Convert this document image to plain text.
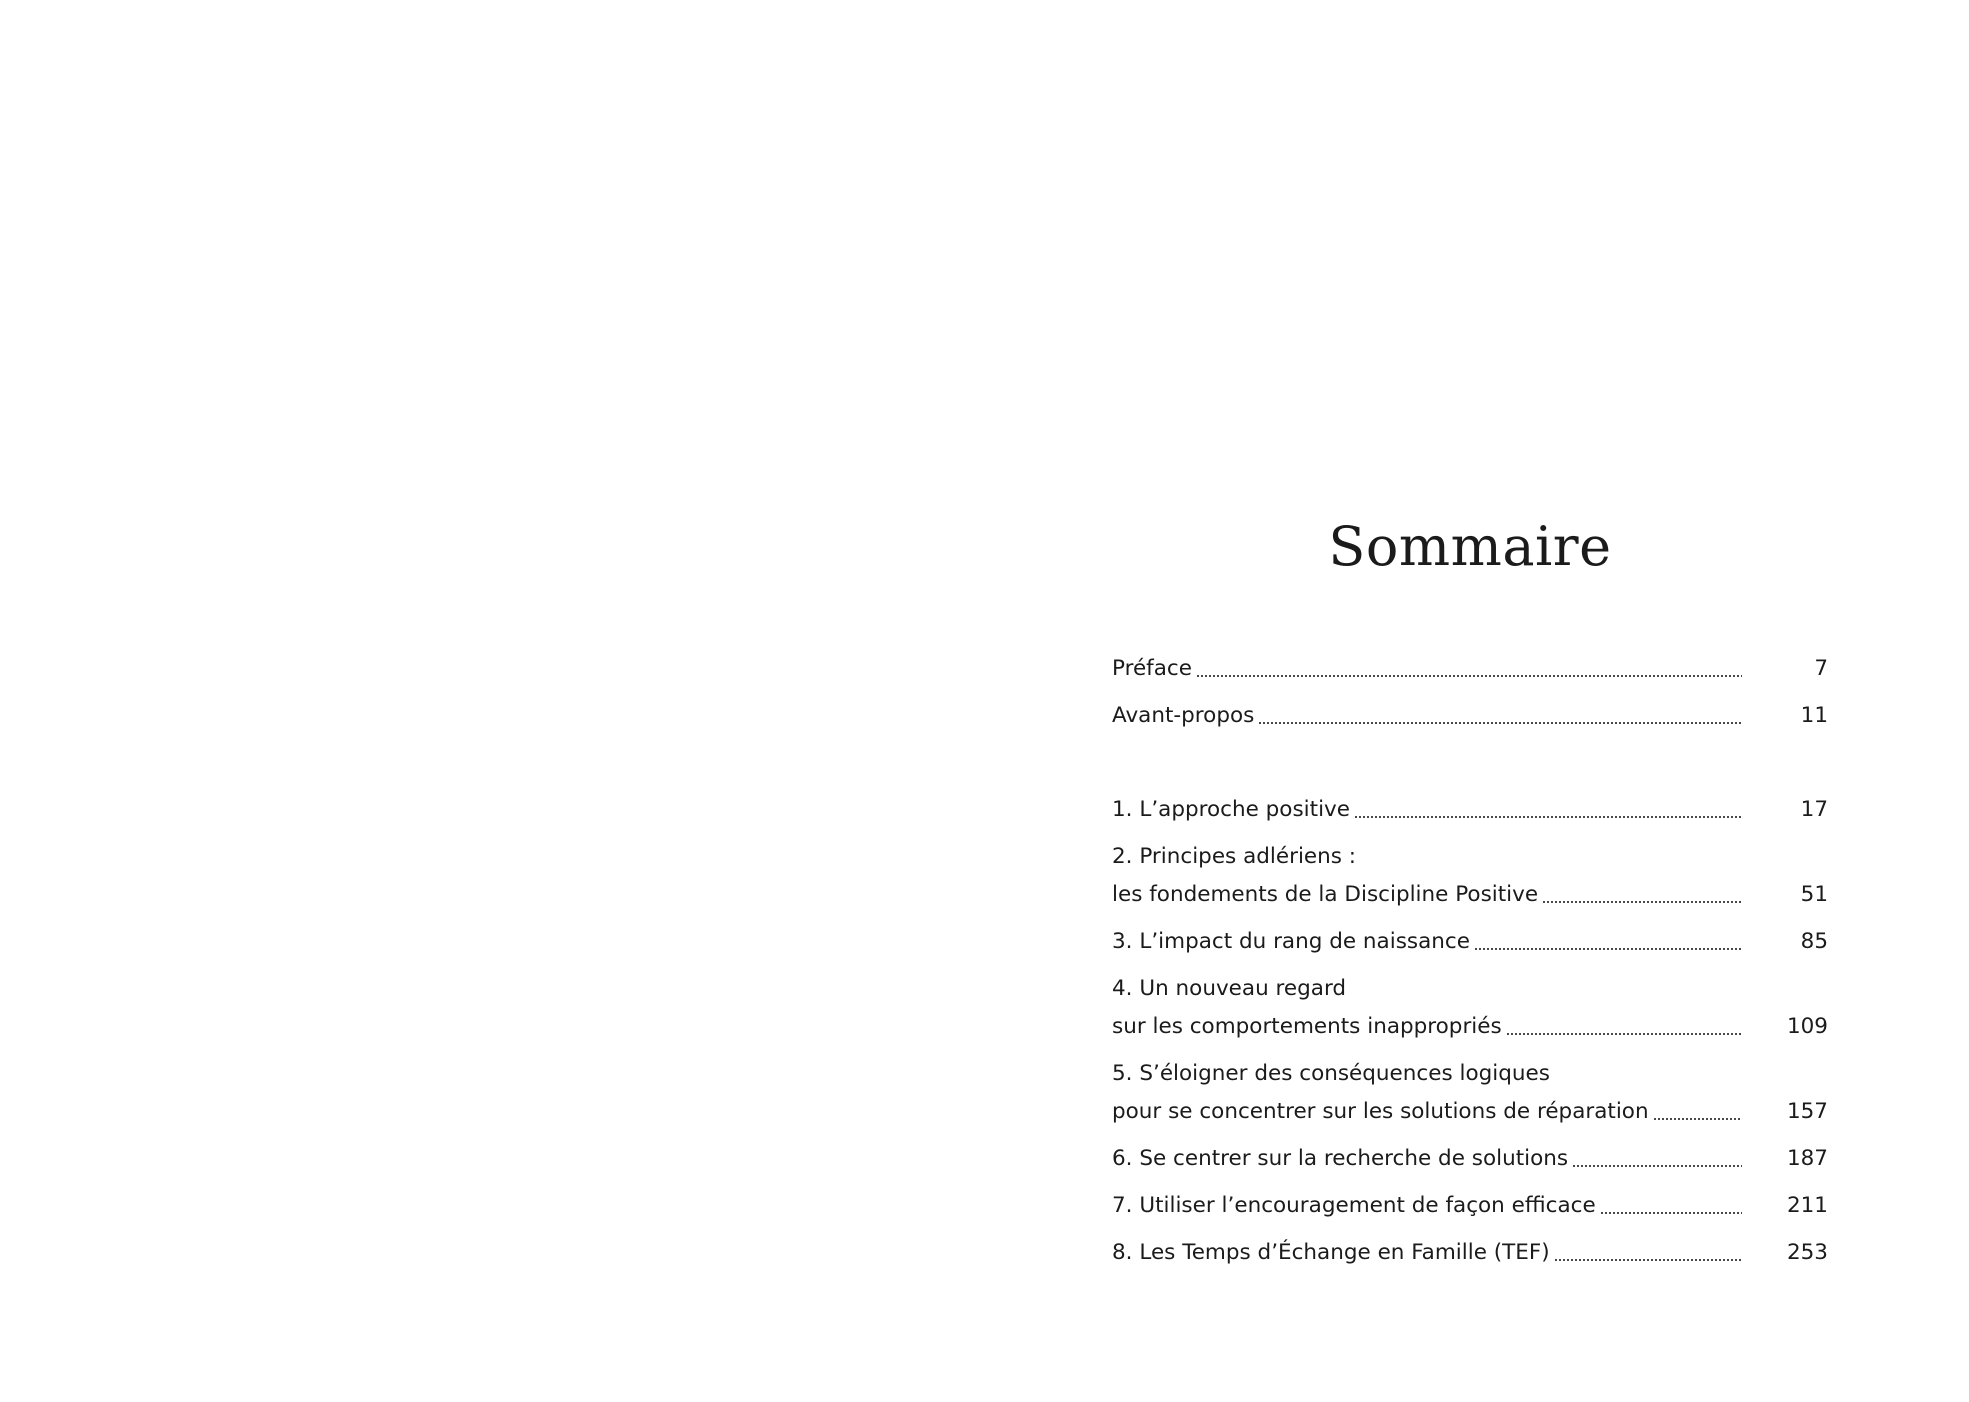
Sommaire
Préface	7
Avant-propos	11
1. L’approche positive	17
2. Principes adlériens :
les fondements de la Discipline Positive	51
3. L’impact du rang de naissance	85
4. Un nouveau regard
sur les comportements inappropriés	109
5. S’éloigner des conséquences logiques
pour se concentrer sur les solutions de réparation	157
6. Se centrer sur la recherche de solutions	187
7. Utiliser l’encouragement de façon efficace	211
8. Les Temps d’Échange en Famille (TEF)	253
